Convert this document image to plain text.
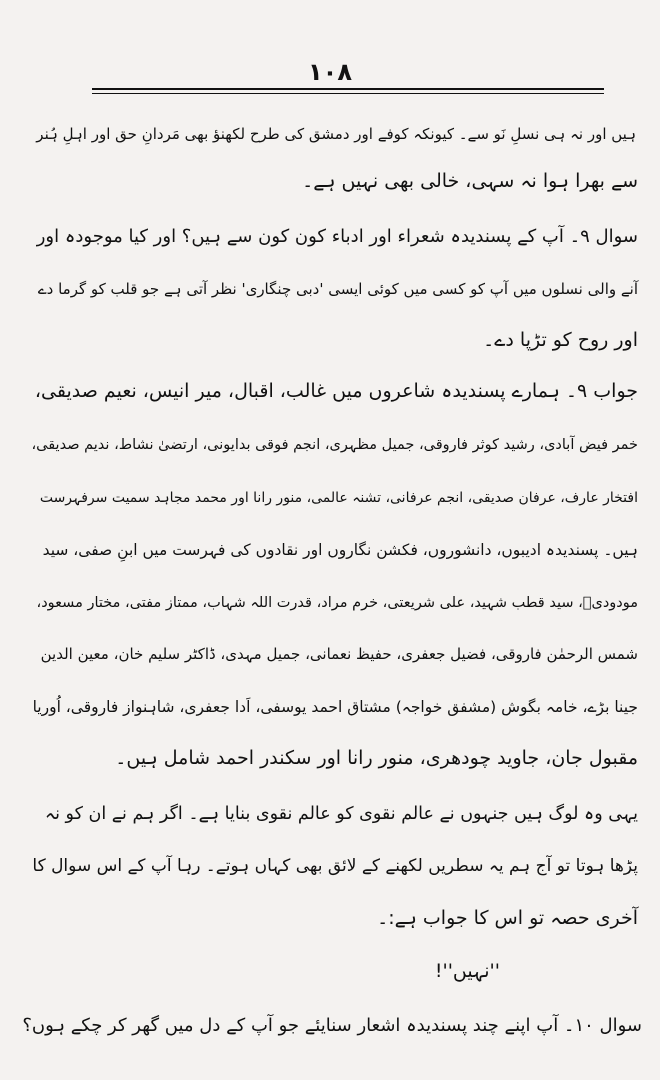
۱۰۸
ہیں اور نہ ہی نسلِ نَو سے۔ کیونکہ کوفے اور دمشق کی طرح لکھنؤ بھی مَردانِ حق اور اہلِ ہُنر
سے بھرا ہوا نہ سہی، خالی بھی نہیں ہے۔
سوال ۹۔ آپ کے پسندیدہ شعراء اور ادباء کون کون سے ہیں؟ اور کیا موجودہ اور
آنے والی نسلوں میں آپ کو کسی میں کوئی ایسی 'دبی چنگاری' نظر آتی ہے جو قلب کو گرما دے
اور روح کو تڑپا دے۔
جواب ۹۔ ہمارے پسندیدہ شاعروں میں غالب، اقبال، میر انیس، نعیم صدیقی،
خمر فیض آبادی، رشید کوثر فاروقی، جمیل مظہری، انجم فوقی بدایونی، ارتضیٰ نشاط، ندیم صدیقی،
افتخار عارف، عرفان صدیقی، انجم عرفانی، تشنہ عالمی، منور رانا اور محمد مجاہد سمیت سرفہرست
ہیں۔ پسندیدہ ادیبوں، دانشوروں، فکشن نگاروں اور نقادوں کی فہرست میں ابنِ صفی، سید
مودودیؒ، سید قطب شہید، علی شریعتی، خرم مراد، قدرت اللہ شہاب، ممتاز مفتی، مختار مسعود،
شمس الرحمٰن فاروقی، فضیل جعفری، حفیظ نعمانی، جمیل مہدی، ڈاکٹر سلیم خان، معین الدین
جینا بڑے، خامہ بگوش (مشفق خواجہ) مشتاق احمد یوسفی، اَدا جعفری، شاہنواز فاروقی، اُوریا
مقبول جان، جاوید چودھری، منور رانا اور سکندر احمد شامل ہیں۔
یہی وہ لوگ ہیں جنہوں نے عالم نقوی کو عالم نقوی بنایا ہے۔ اگر ہم نے ان کو نہ
پڑھا ہوتا تو آج ہم یہ سطریں لکھنے کے لائق بھی کہاں ہوتے۔ رہا آپ کے اس سوال کا
آخری حصہ تو اس کا جواب ہے:۔
''نہیں''!
سوال ۱۰۔ آپ اپنے چند پسندیدہ اشعار سنایئے جو آپ کے دل میں گھر کر چکے ہوں؟
